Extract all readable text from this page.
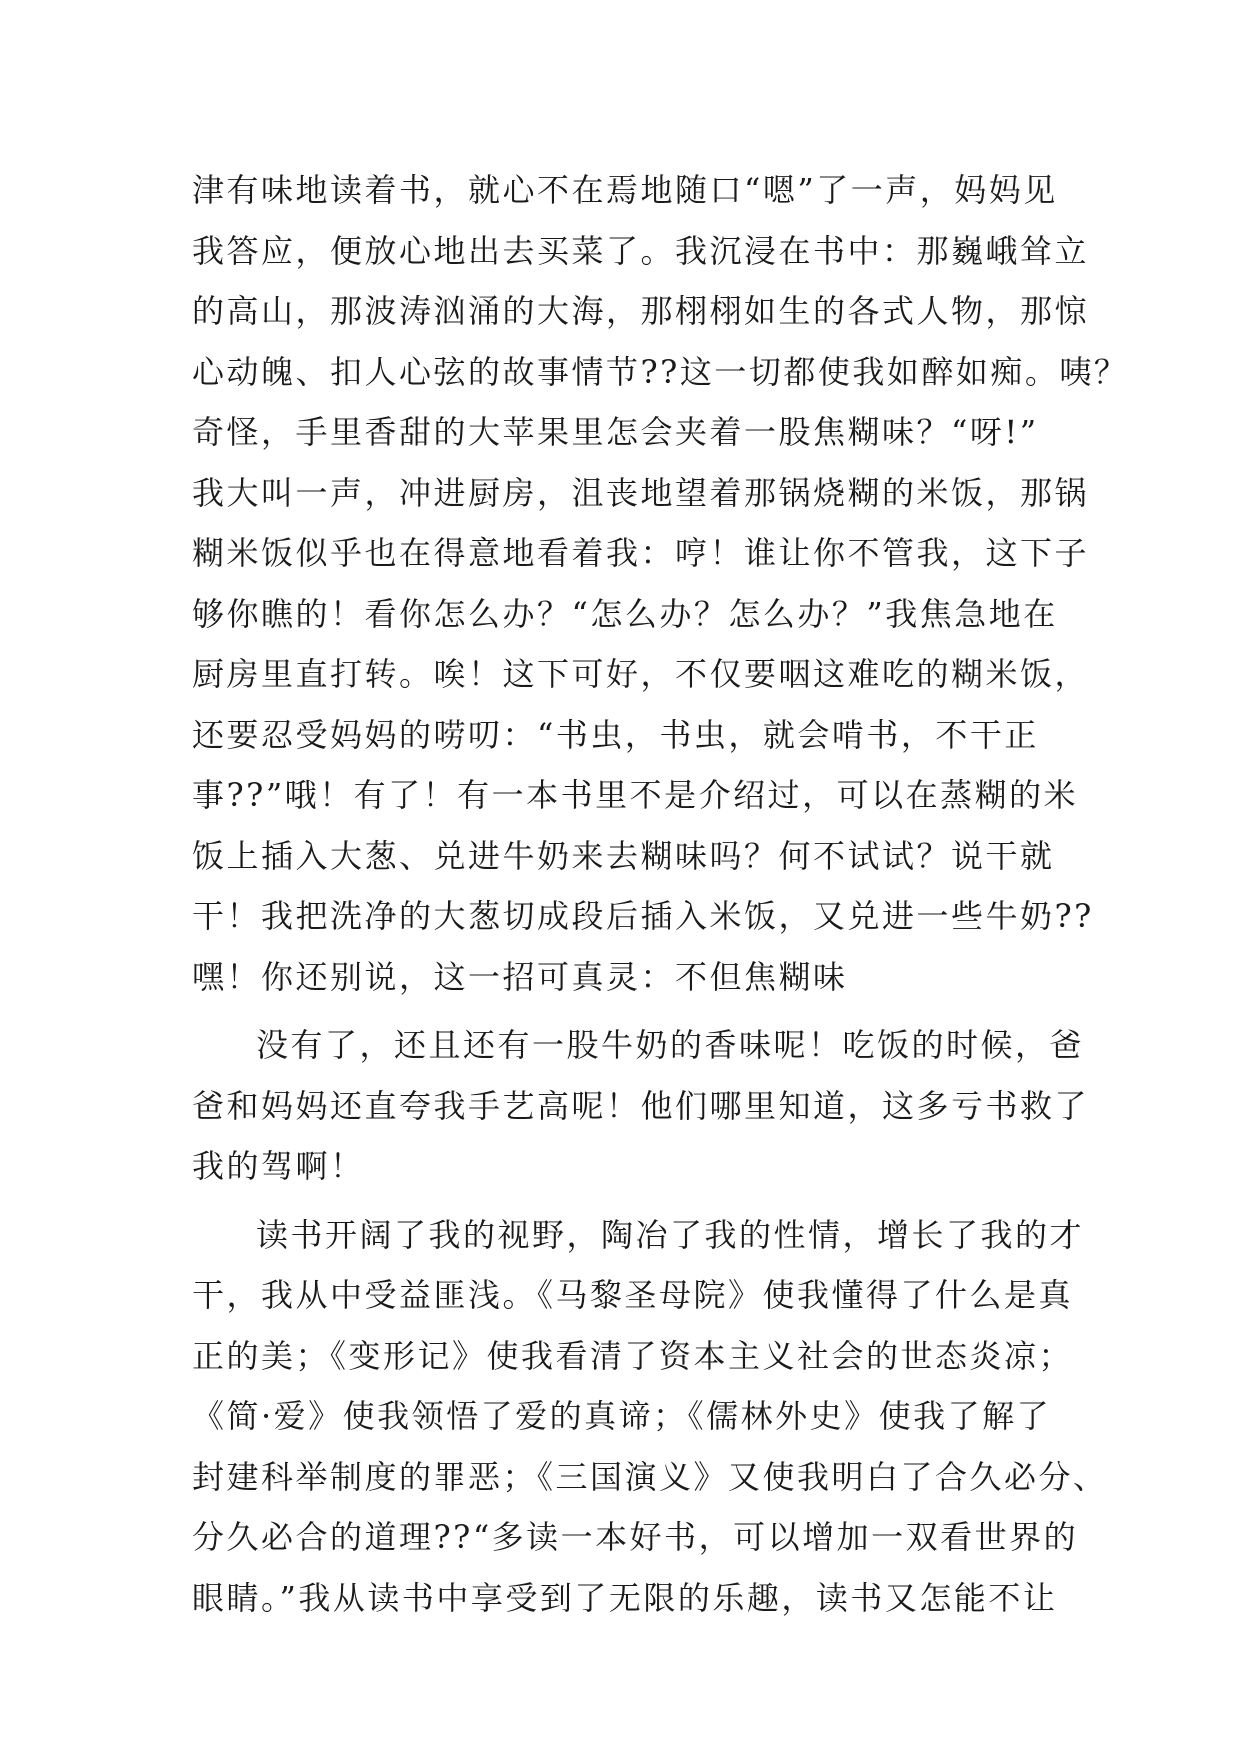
津有味地读着书，就心不在焉地随口“嗯”了一声，妈妈见
我答应，便放心地出去买菜了。我沉浸在书中：那巍峨耸立
的高山，那波涛汹涌的大海，那栩栩如生的各式人物，那惊
心动魄、扣人心弦的故事情节??这一切都使我如醉如痴。咦？
奇怪，手里香甜的大苹果里怎会夹着一股焦糊味？“呀!”
我大叫一声，冲进厨房，沮丧地望着那锅烧糊的米饭，那锅
糊米饭似乎也在得意地看着我：哼！谁让你不管我，这下子
够你瞧的！看你怎么办？“怎么办？怎么办？”我焦急地在
厨房里直打转。唉！这下可好，不仅要咽这难吃的糊米饭，
还要忍受妈妈的唠叨：“书虫，书虫，就会啃书，不干正
事??”哦！有了！有一本书里不是介绍过，可以在蒸糊的米
饭上插入大葱、兑进牛奶来去糊味吗？何不试试？说干就
干！我把洗净的大葱切成段后插入米饭，又兑进一些牛奶??
嘿！你还别说，这一招可真灵：不但焦糊味
没有了，还且还有一股牛奶的香味呢！吃饭的时候，爸
爸和妈妈还直夸我手艺高呢！他们哪里知道，这多亏书救了
我的驾啊！
读书开阔了我的视野，陶冶了我的性情，增长了我的才
干，我从中受益匪浅。《马黎圣母院》使我懂得了什么是真
正的美；《变形记》使我看清了资本主义社会的世态炎凉；
《简·爱》使我领悟了爱的真谛；《儒林外史》使我了解了
封建科举制度的罪恶；《三国演义》又使我明白了合久必分、
分久必合的道理??“多读一本好书，可以增加一双看世界的
眼睛。”我从读书中享受到了无限的乐趣，读书又怎能不让
